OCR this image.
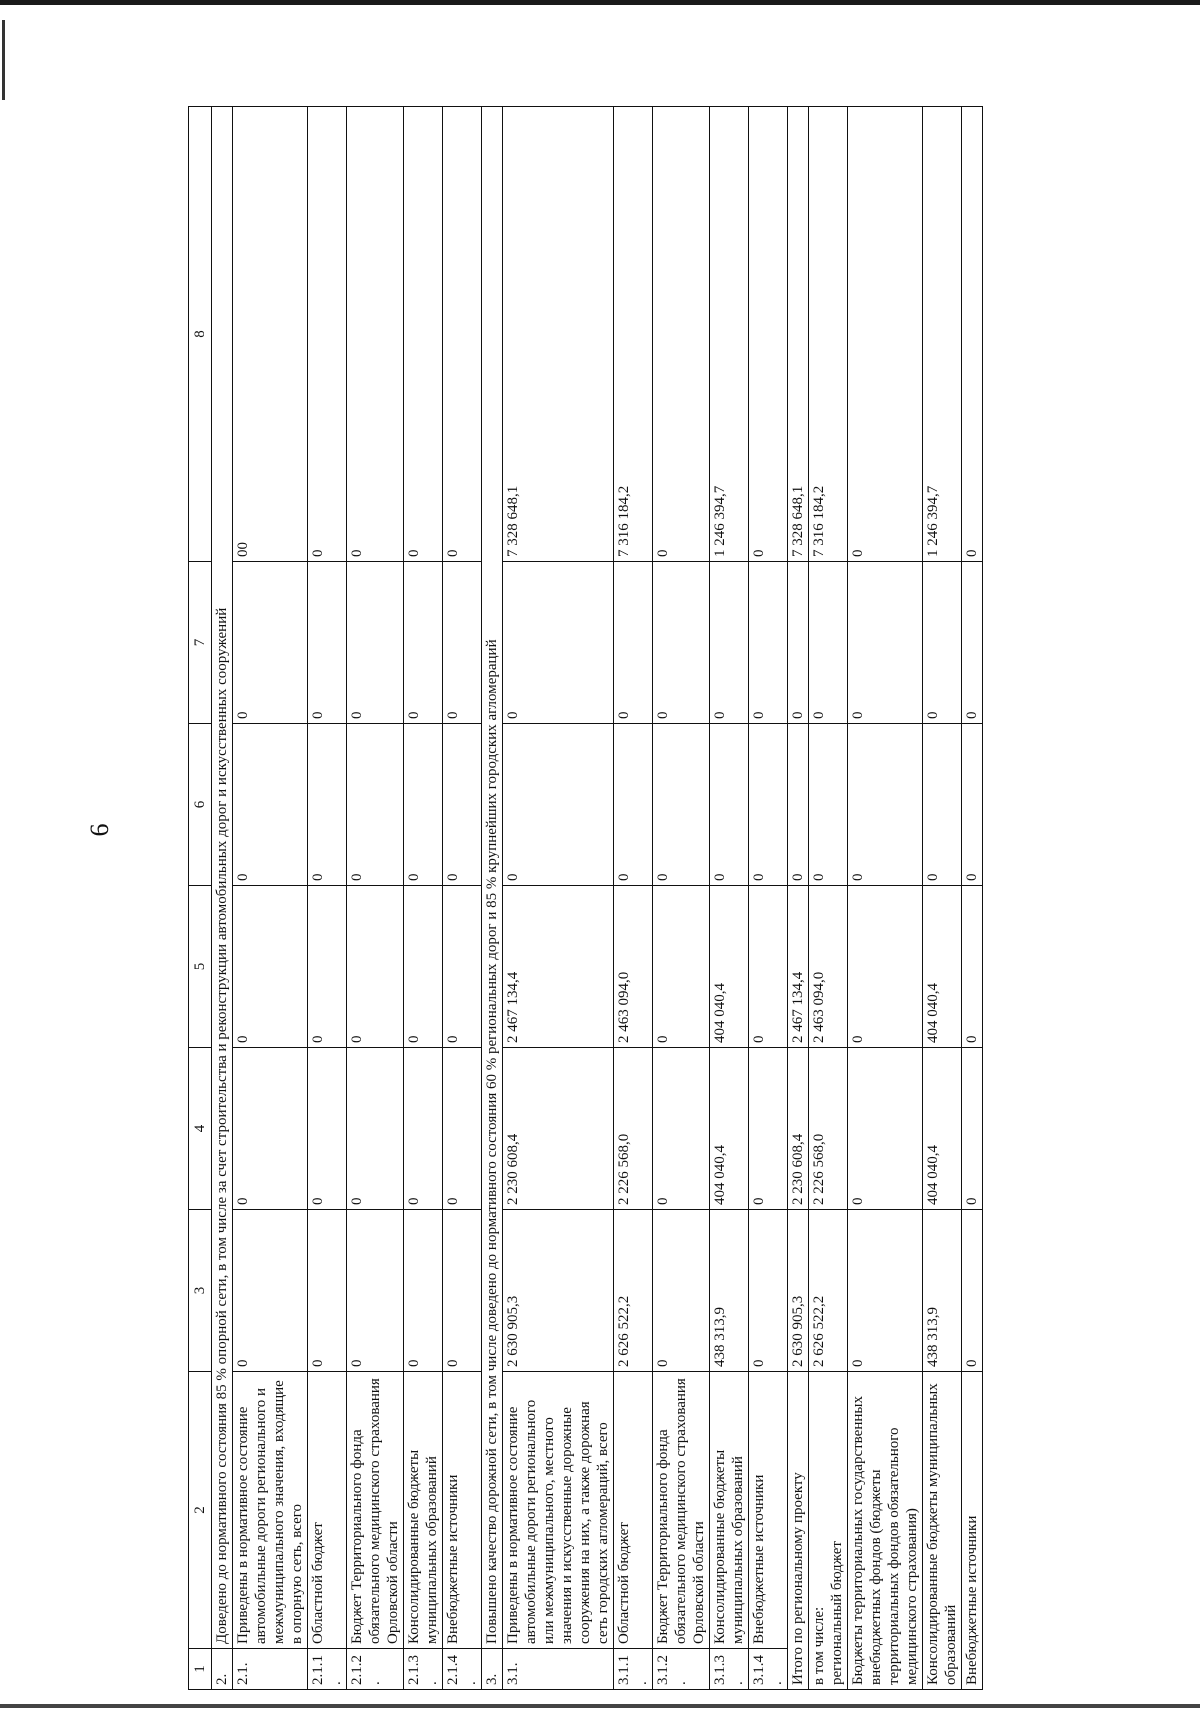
6
1	2	3	4	5	6	7	8
2.	Доведено до нормативного состояния 85 % опорной сети, в том числе за счет строительства и реконструкции автомобильных дорог и искусственных сооружений						
2.1.	Приведены в нормативное состояние автомобильные дороги регионального и межмуниципального значения, входящие в опорную сеть, всего	0	0	0	0	0	00
2.1.1.	Областной бюджет	0	0	0	0	0	0
2.1.2.	Бюджет Территориального фонда обязательного медицинского страхования Орловской области	0	0	0	0	0	0
2.1.3.	Консолидированные бюджеты муниципальных образований	0	0	0	0	0	0
2.1.4.	Внебюджетные источники	0	0	0	0	0	0
3.	Повышено качество дорожной сети, в том числе доведено до нормативного состояния 60 % региональных дорог и 85 % крупнейших городских агломераций						
3.1.	Приведены в нормативное состояние автомобильные дороги регионального или межмуниципального, местного значения и искусственные дорожные сооружения на них, а также дорожная сеть городских агломераций, всего	2 630 905,3	2 230 608,4	2 467 134,4	0	0	7 328 648,1
3.1.1.	Областной бюджет	2 626 522,2	2 226 568,0	2 463 094,0	0	0	7 316 184,2
3.1.2.	Бюджет Территориального фонда обязательного медицинского страхования Орловской области	0	0	0	0	0	0
3.1.3.	Консолидированные бюджеты муниципальных образований	438 313,9	404 040,4	404 040,4	0	0	1 246 394,7
3.1.4.	Внебюджетные источники	0	0	0	0	0	0
Итого по региональному проекту		2 630 905,3	2 230 608,4	2 467 134,4	0	0	7 328 648,1
в том числе:
региональный бюджет		2 626 522,2	2 226 568,0	2 463 094,0	0	0	7 316 184,2
Бюджеты территориальных государственных внебюджетных фондов (бюджеты территориальных фондов обязательного медицинского страхования)		0	0	0	0	0	0
Консолидированные бюджеты муниципальных образований		438 313,9	404 040,4	404 040,4	0	0	1 246 394,7
Внебюджетные источники		0	0	0	0	0	0
